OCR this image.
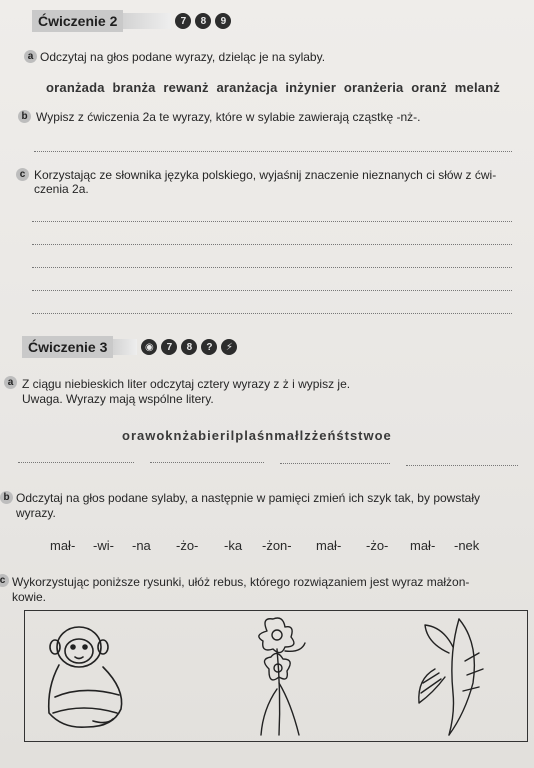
Ćwiczenie 2	7	8	9
a Odczytaj na głos podane wyrazy, dzieląc je na sylaby.
oranżada branża rewanż aranżacja inżynier oranżeria oranż melanż
b Wypisz z ćwiczenia 2a te wyrazy, które w sylabie zawierają cząstkę -nż-.
c Korzystając ze słownika języka polskiego, wyjaśnij znaczenie nieznanych ci słów z ćwi-
czenia 2a.
Ćwiczenie 3	◉	7	8	?	⚡
a Z ciągu niebieskich liter odczytaj cztery wyrazy z ż i wypisz je.
Uwaga. Wyrazy mają wspólne litery.
orawoknżabierilplaśnmałlzżeńśtstwoe
b Odczytaj na głos podane sylaby, a następnie w pamięci zmień ich szyk tak, by powstały
wyrazy.
mał- -wi- -na -żo- -ka -żon- mał- -żo- mał- -nek
c Wykorzystując poniższe rysunki, ułóż rebus, którego rozwiązaniem jest wyraz małżon-
kowie.
